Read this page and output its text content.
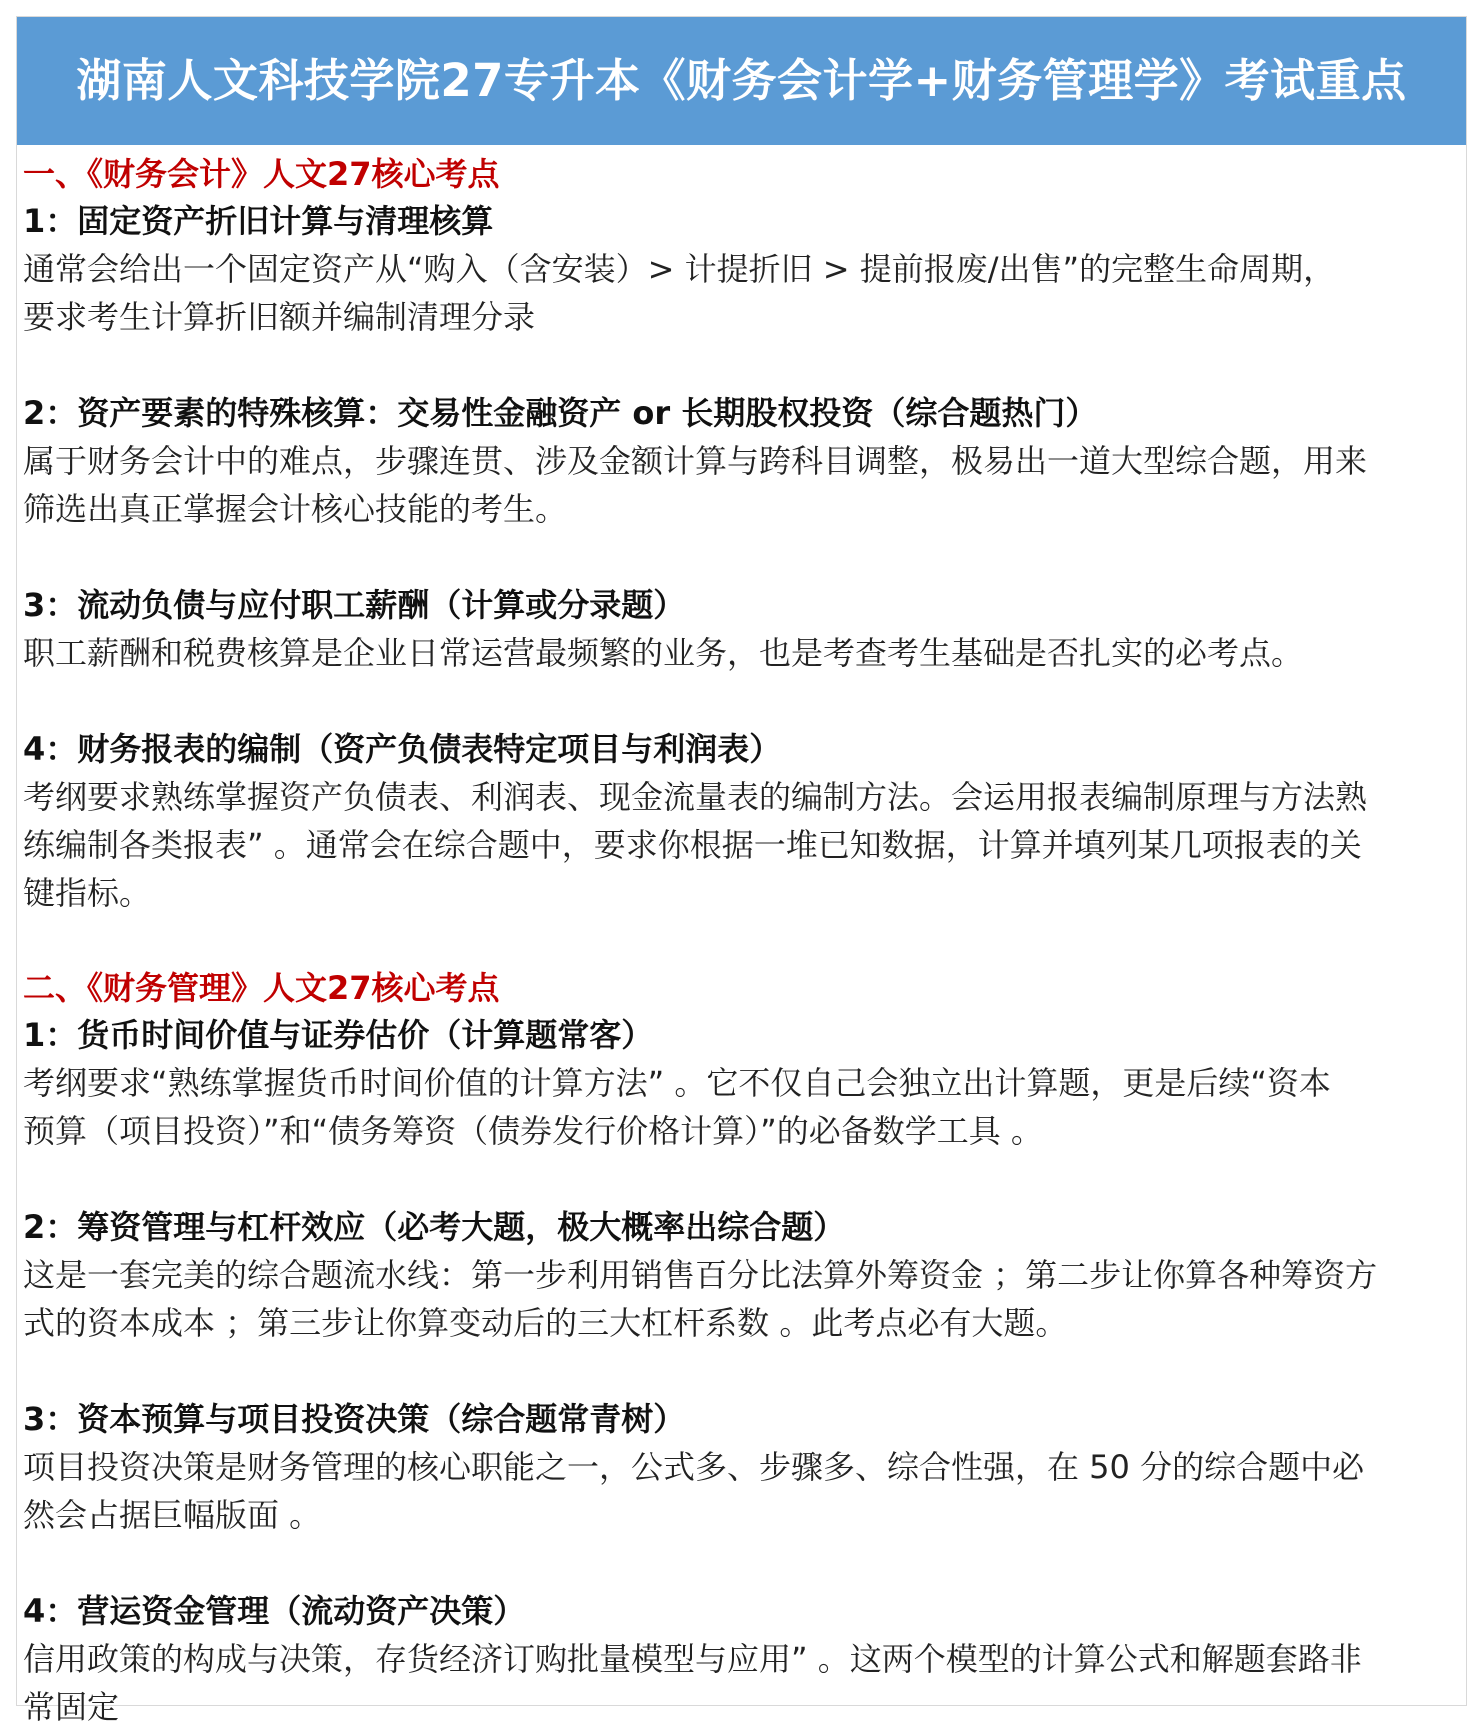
湖南人文科技学院27专升本《财务会计学+财务管理学》考试重点
一、《财务会计》人文27核心考点
1：固定资产折旧计算与清理核算

通常会给出一个固定资产从“购入（含安装）> 计提折旧 > 提前报废/出售”的完整生命周期，
要求考生计算折旧额并编制清理分录

2：资产要素的特殊核算：交易性金融资产 or 长期股权投资（综合题热门）

属于财务会计中的难点，步骤连贯、涉及金额计算与跨科目调整，极易出一道大型综合题，用来
筛选出真正掌握会计核心技能的考生。

3：流动负债与应付职工薪酬（计算或分录题）

职工薪酬和税费核算是企业日常运营最频繁的业务，也是考查考生基础是否扎实的必考点。

4：财务报表的编制（资产负债表特定项目与利润表）

考纲要求熟练掌握资产负债表、利润表、现金流量表的编制方法。会运用报表编制原理与方法熟
练编制各类报表” 。通常会在综合题中，要求你根据一堆已知数据，计算并填列某几项报表的关
键指标。

二、《财务管理》人文27核心考点
1：货币时间价值与证券估价（计算题常客）

考纲要求“熟练掌握货币时间价值的计算方法” 。它不仅自己会独立出计算题，更是后续“资本
预算（项目投资）”和“债务筹资（债券发行价格计算）”的必备数学工具 。

2：筹资管理与杠杆效应（必考大题，极大概率出综合题）

这是一套完美的综合题流水线：第一步利用销售百分比法算外筹资金 ；第二步让你算各种筹资方
式的资本成本 ；第三步让你算变动后的三大杠杆系数 。此考点必有大题。

3：资本预算与项目投资决策（综合题常青树）

项目投资决策是财务管理的核心职能之一，公式多、步骤多、综合性强，在 50 分的综合题中必
然会占据巨幅版面 。

4：营运资金管理（流动资产决策）

信用政策的构成与决策，存货经济订购批量模型与应用” 。这两个模型的计算公式和解题套路非
常固定
